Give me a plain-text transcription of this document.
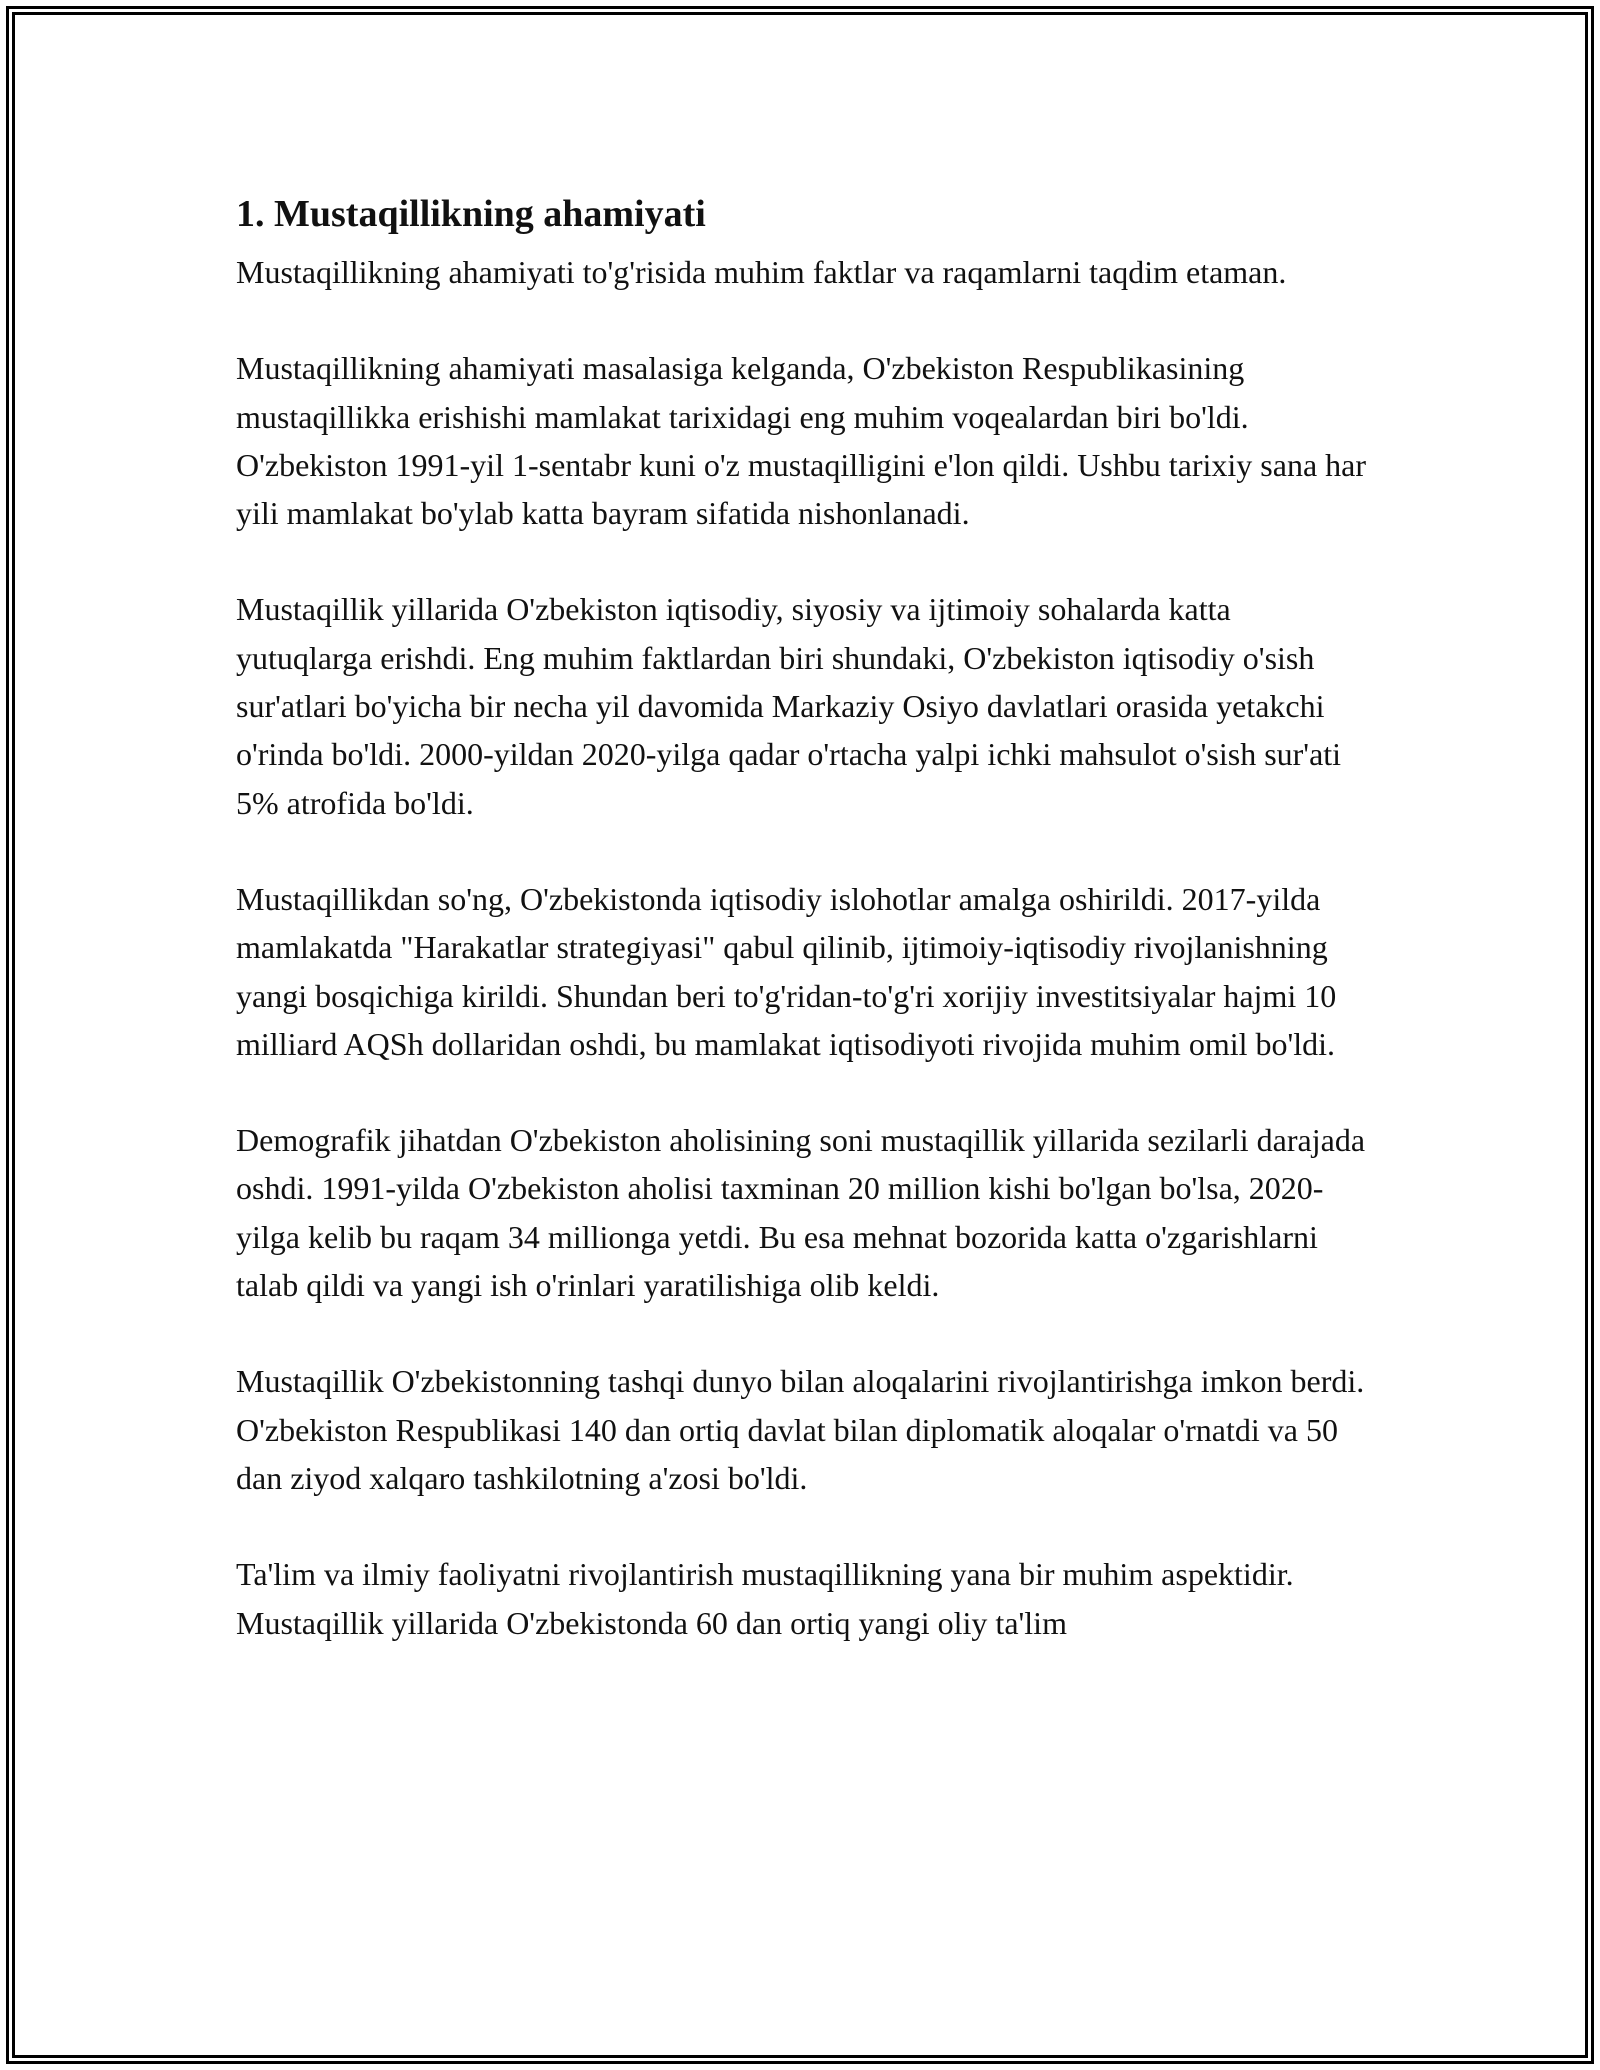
1. Mustaqillikning ahamiyati

Mustaqillikning ahamiyati to'g'risida muhim faktlar va raqamlarni taqdim etaman.

Mustaqillikning ahamiyati masalasiga kelganda, O'zbekiston Respublikasining mustaqillikka erishishi mamlakat tarixidagi eng muhim voqealardan biri bo'ldi. O'zbekiston 1991-yil 1-sentabr kuni o'z mustaqilligini e'lon qildi. Ushbu tarixiy sana har yili mamlakat bo'ylab katta bayram sifatida nishonlanadi.

Mustaqillik yillarida O'zbekiston iqtisodiy, siyosiy va ijtimoiy sohalarda katta yutuqlarga erishdi. Eng muhim faktlardan biri shundaki, O'zbekiston iqtisodiy o'sish sur'atlari bo'yicha bir necha yil davomida Markaziy Osiyo davlatlari orasida yetakchi o'rinda bo'ldi. 2000-yildan 2020-yilga qadar o'rtacha yalpi ichki mahsulot o'sish sur'ati 5% atrofida bo'ldi.

Mustaqillikdan so'ng, O'zbekistonda iqtisodiy islohotlar amalga oshirildi. 2017-yilda mamlakatda "Harakatlar strategiyasi" qabul qilinib, ijtimoiy-iqtisodiy rivojlanishning yangi bosqichiga kirildi. Shundan beri to'g'ridan-to'g'ri xorijiy investitsiyalar hajmi 10 milliard AQSh dollaridan oshdi, bu mamlakat iqtisodiyoti rivojida muhim omil bo'ldi.

Demografik jihatdan O'zbekiston aholisining soni mustaqillik yillarida sezilarli darajada oshdi. 1991-yilda O'zbekiston aholisi taxminan 20 million kishi bo'lgan bo'lsa, 2020-yilga kelib bu raqam 34 millionga yetdi. Bu esa mehnat bozorida katta o'zgarishlarni talab qildi va yangi ish o'rinlari yaratilishiga olib keldi.

Mustaqillik O'zbekistonning tashqi dunyo bilan aloqalarini rivojlantirishga imkon berdi. O'zbekiston Respublikasi 140 dan ortiq davlat bilan diplomatik aloqalar o'rnatdi va 50 dan ziyod xalqaro tashkilotning a'zosi bo'ldi.

Ta'lim va ilmiy faoliyatni rivojlantirish mustaqillikning yana bir muhim aspektidir. Mustaqillik yillarida O'zbekistonda 60 dan ortiq yangi oliy ta'lim
